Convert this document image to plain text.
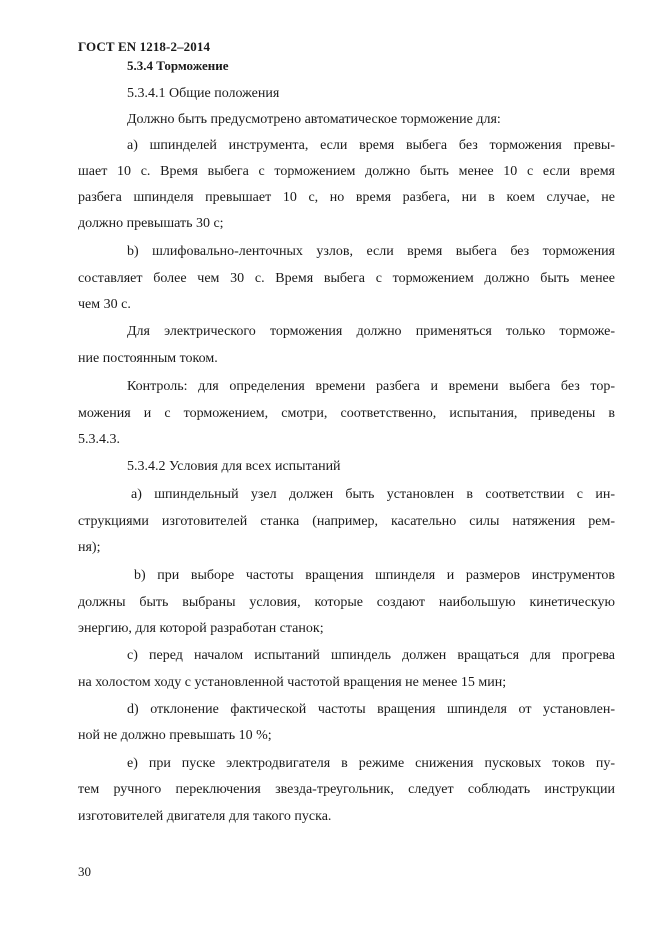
ГОСТ EN 1218-2–2014
5.3.4 Торможение
5.3.4.1 Общие положения
Должно быть предусмотрено автоматическое торможение для:
a) шпинделей инструмента, если время выбега без торможения превы-
шает 10 с. Время выбега с торможением должно быть менее 10 с если время
разбега шпинделя превышает 10 с, но время разбега, ни в коем случае, не
должно превышать 30 с;
b) шлифовально-ленточных узлов, если время выбега без торможения
составляет более чем 30 с. Время выбега с торможением должно быть менее
чем 30 с.
Для электрического торможения должно применяться только торможе-
ние постоянным током.
Контроль: для определения времени разбега и времени выбега без тор-
можения и с торможением, смотри, соответственно, испытания, приведены в
5.3.4.3.
5.3.4.2 Условия для всех испытаний
a) шпиндельный узел должен быть установлен в соответствии с ин-
струкциями изготовителей станка (например, касательно силы натяжения рем-
ня);
b) при выборе частоты вращения шпинделя и размеров инструментов
должны быть выбраны условия, которые создают наибольшую кинетическую
энергию, для которой разработан станок;
c) перед началом испытаний шпиндель должен вращаться для прогрева
на холостом ходу с установленной частотой вращения не менее 15 мин;
d) отклонение фактической частоты вращения шпинделя от установлен-
ной не должно превышать 10 %;
e) при пуске электродвигателя в режиме снижения пусковых токов пу-
тем ручного переключения звезда-треугольник, следует соблюдать инструкции
изготовителей двигателя для такого пуска.
30
